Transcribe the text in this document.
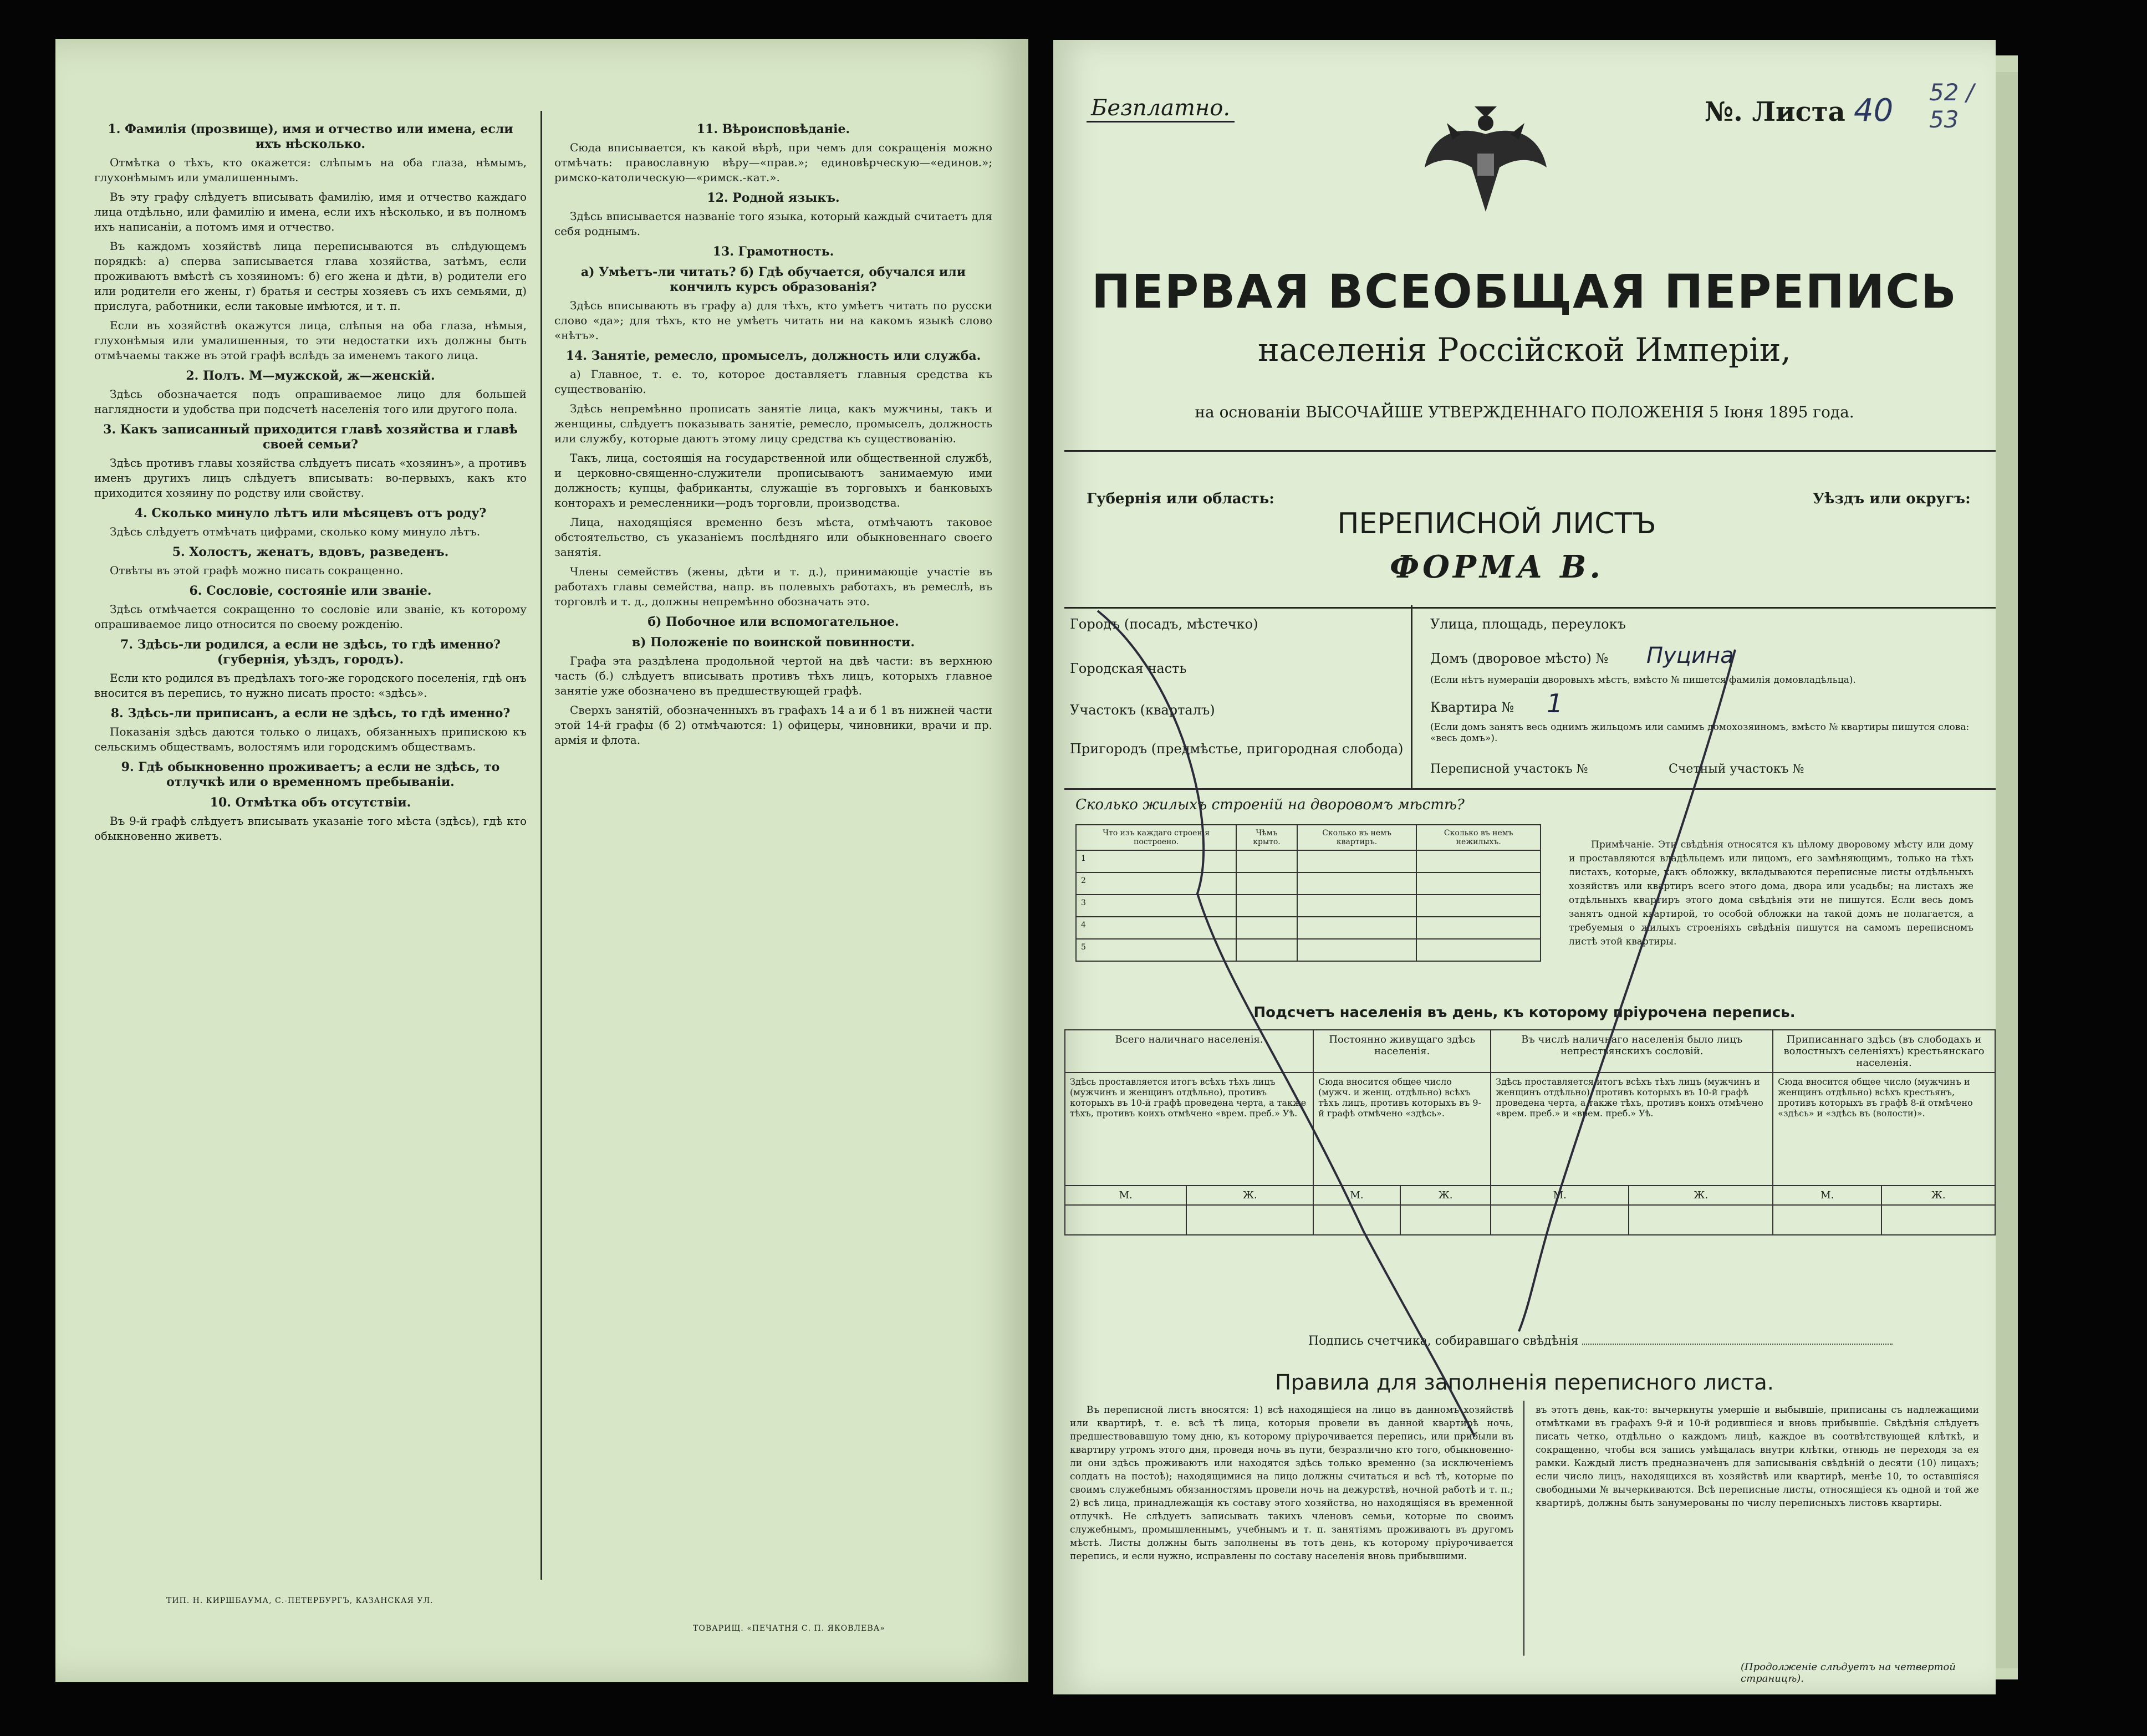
1. Фамилія (прозвище), имя и отчество или имена, если ихъ нѣсколько.

Отмѣтка о тѣхъ, кто окажется: слѣпымъ на оба глаза, нѣмымъ, глухонѣмымъ или умалишеннымъ.

Въ эту графу слѣдуетъ вписывать фамилію, имя и отчество каждаго лица отдѣльно, или фамилію и имена, если ихъ нѣсколько, и въ полномъ ихъ написаніи, а потомъ имя и отчество.

Въ каждомъ хозяйствѣ лица переписываются въ слѣдующемъ порядкѣ: а) сперва записывается глава хозяйства, затѣмъ, если проживаютъ вмѣстѣ съ хозяиномъ: б) его жена и дѣти, в) родители его или родители его жены, г) братья и сестры хозяевъ съ ихъ семьями, д) прислуга, работники, если таковые имѣются, и т. п.

Если въ хозяйствѣ окажутся лица, слѣпыя на оба глаза, нѣмыя, глухонѣмыя или умалишенныя, то эти недостатки ихъ должны быть отмѣчаемы также въ этой графѣ вслѣдъ за именемъ такого лица.

2. Полъ. М—мужской, ж—женскій.

Здѣсь обозначается подъ опрашиваемое лицо для большей наглядности и удобства при подсчетѣ населенія того или другого пола.

3. Какъ записанный приходится главѣ хозяйства и главѣ своей семьи?

Здѣсь противъ главы хозяйства слѣдуетъ писать «хозяинъ», а противъ именъ другихъ лицъ слѣдуетъ вписывать: во-первыхъ, какъ кто приходится хозяину по родству или свойству.

4. Сколько минуло лѣтъ или мѣсяцевъ отъ роду?

Здѣсь слѣдуетъ отмѣчать цифрами, сколько кому минуло лѣтъ.

5. Холостъ, женатъ, вдовъ, разведенъ.

Отвѣты въ этой графѣ можно писать сокращенно.

6. Сословіе, состояніе или званіе.

Здѣсь отмѣчается сокращенно то сословіе или званіе, къ которому опрашиваемое лицо относится по своему рожденію.

7. Здѣсь-ли родился, а если не здѣсь, то гдѣ именно? (губернія, уѣздъ, городъ).

Если кто родился въ предѣлахъ того-же городского поселенія, гдѣ онъ вносится въ перепись, то нужно писать просто: «здѣсь».

8. Здѣсь-ли приписанъ, а если не здѣсь, то гдѣ именно?

Показанія здѣсь даются только о лицахъ, обязанныхъ припискою къ сельскимъ обществамъ, волостямъ или городскимъ обществамъ.

9. Гдѣ обыкновенно проживаетъ; а если не здѣсь, то отлучкѣ или о временномъ пребываніи.
10. Отмѣтка объ отсутствіи.

Въ 9-й графѣ слѣдуетъ вписывать указаніе того мѣста (здѣсь), гдѣ кто обыкновенно живетъ.

11. Вѣроисповѣданіе.

Сюда вписывается, къ какой вѣрѣ, при чемъ для сокращенія можно отмѣчать: православную вѣру—«прав.»; единовѣрческую—«единов.»; римско-католическую—«римск.-кат.».

12. Родной языкъ.

Здѣсь вписывается названіе того языка, который каждый считаетъ для себя роднымъ.

13. Грамотность.
а) Умѣетъ-ли читать? б) Гдѣ обучается, обучался или кончилъ курсъ образованія?

Здѣсь вписывають въ графу а) для тѣхъ, кто умѣетъ читать по русски слово «да»; для тѣхъ, кто не умѣетъ читать ни на какомъ языкѣ слово «нѣтъ».

14. Занятіе, ремесло, промыселъ, должность или служба.

а) Главное, т. е. то, которое доставляетъ главныя средства къ существованію.

Здѣсь непремѣнно прописать занятіе лица, какъ мужчины, такъ и женщины, слѣдуетъ показывать занятіе, ремесло, промыселъ, должность или службу, которые даютъ этому лицу средства къ существованію.

Такъ, лица, состоящія на государственной или общественной службѣ, и церковно-священно-служители прописываютъ занимаемую ими должность; купцы, фабриканты, служащіе въ торговыхъ и банковыхъ конторахъ и ремесленники—родъ торговли, производства.

Лица, находящіяся временно безъ мѣста, отмѣчаютъ таковое обстоятельство, съ указаніемъ послѣдняго или обыкновеннаго своего занятія.

Члены семействъ (жены, дѣти и т. д.), принимающіе участіе въ работахъ главы семейства, напр. въ полевыхъ работахъ, въ ремеслѣ, въ торговлѣ и т. д., должны непремѣнно обозначать это.

б) Побочное или вспомогательное.
в) Положеніе по воинской повинности.

Графа эта раздѣлена продольной чертой на двѣ части: въ верхнюю часть (б.) слѣдуетъ вписывать противъ тѣхъ лицъ, которыхъ главное занятіе уже обозначено въ предшествующей графѣ.

Сверхъ занятій, обозначенныхъ въ графахъ 14 а и б 1 въ нижней части этой 14-й графы (б 2) отмѣчаются: 1) офицеры, чиновники, врачи и пр. армія и флота.

ТИП. Н. КИРШБАУМА, С.-ПЕТЕРБУРГЪ, КАЗАНСКАЯ УЛ.
ТОВАРИЩ. «ПЕЧАТНЯ С. П. ЯКОВЛЕВА»
Безплатно.	№. Листа 40
52 / 53
ПЕРВАЯ ВСЕОБЩАЯ ПЕРЕПИСЬ
населенія Россійской Имперіи,
на основаніи ВЫСОЧАЙШЕ УТВЕРЖДЕННАГО ПОЛОЖЕНІЯ 5 Іюня 1895 года.
Губернія или область:
ПЕРЕПИСНОЙ ЛИСТЪ
ФОРМА В.
Уѣздъ или округъ:
Городъ (посадъ, мѣстечко)
Городская часть
Участокъ (кварталъ)
Пригородъ (предмѣстье, пригородная слобода)
Улица, площадь, переулокъ
Домъ (дворовое мѣсто) № Пуцина
(Если нѣтъ нумераціи дворовыхъ мѣстъ, вмѣсто № пишется фамилія домовладѣльца).
Квартира № 1
(Если домъ занятъ весь однимъ жильцомъ или самимъ домохозяиномъ, вмѣсто № квартиры пишутся слова: «весь домъ»).
Переписной участокъ №	Счетный участокъ №
Сколько жилыхъ строеній на дворовомъ мѣстѣ?
Что изъ каждаго строенія построено.	Чѣмъ крыто.	Сколько въ немъ квартиръ.	Сколько въ немъ нежилыхъ.
1			
2			
3			
4			
5			
Примѣчаніе. Эти свѣдѣнія относятся къ цѣлому дворовому мѣсту или дому и проставляются владѣльцемъ или лицомъ, его замѣняющимъ, только на тѣхъ листахъ, которые, какъ обложку, вкладываются переписные листы отдѣльныхъ хозяйствъ или квартиръ всего этого дома, двора или усадьбы; на листахъ же отдѣльныхъ квартиръ этого дома свѣдѣнія эти не пишутся. Если весь домъ занятъ одной квартирой, то особой обложки на такой домъ не полагается, а требуемыя о жилыхъ строеніяхъ свѣдѣнія пишутся на самомъ переписномъ листѣ этой квартиры.
Подсчетъ населенія въ день, къ которому пріурочена перепись.
Всего наличнаго населенія.		Постоянно живущаго здѣсь населенія.		Въ числѣ наличнаго населенія было лицъ непрестьянскихъ сословій.		Приписаннаго здѣсь (въ слободахъ и волостныхъ селеніяхъ) крестьянскаго населенія.	
Здѣсь проставляется итогъ всѣхъ тѣхъ лицъ (мужчинъ и женщинъ отдѣльно), противъ которыхъ въ 10-й графѣ проведена черта, а также тѣхъ, противъ коихъ отмѣчено «врем. преб.» Уѣ.		Сюда вносится общее число (мужч. и женщ. отдѣльно) всѣхъ тѣхъ лицъ, противъ которыхъ въ 9-й графѣ отмѣчено «здѣсь».		Здѣсь проставляется итогъ всѣхъ тѣхъ лицъ (мужчинъ и женщинъ отдѣльно), противъ которыхъ въ 10-й графѣ проведена черта, а также тѣхъ, противъ коихъ отмѣчено «врем. преб.» и «врем. преб.» Уѣ.		Сюда вносится общее число (мужчинъ и женщинъ отдѣльно) всѣхъ крестьянъ, противъ которыхъ въ графѣ 8-й отмѣчено «здѣсь» и «здѣсь въ (волости)».	
М.	Ж.	М.	Ж.	М.	Ж.	М.	Ж.

Подпись счетчика, собиравшаго свѣдѣнія
Правила для заполненія переписного листа.
Въ переписной листъ вносятся: 1) всѣ находящіеся на лицо въ данномъ хозяйствѣ или квартирѣ, т. е. всѣ тѣ лица, которыя провели въ данной квартирѣ ночь, предшествовавшую тому дню, къ которому пріурочивается перепись, или прибыли въ квартиру утромъ этого дня, проведя ночь въ пути, безразлично кто того, обыкновенно-ли они здѣсь проживаютъ или находятся здѣсь только временно (за исключеніемъ солдатъ на постоѣ); находящимися на лицо должны считаться и всѣ тѣ, которые по своимъ служебнымъ обязанностямъ провели ночь на дежурствѣ, ночной работѣ и т. п.; 2) всѣ лица, принадлежащія къ составу этого хозяйства, но находящіяся въ временной отлучкѣ. Не слѣдуетъ записывать такихъ членовъ семьи, которые по своимъ служебнымъ, промышленнымъ, учебнымъ и т. п. занятіямъ проживаютъ въ другомъ мѣстѣ. Листы должны быть заполнены въ тотъ день, къ которому пріурочивается перепись, и если нужно, исправлены по составу населенія вновь прибывшими.
въ этотъ день, как-то: вычеркнуты умершіе и выбывшіе, приписаны съ надлежащими отмѣтками въ графахъ 9-й и 10-й родившіеся и вновь прибывшіе. Свѣдѣнія слѣдуетъ писать четко, отдѣльно о каждомъ лицѣ, каждое въ соотвѣтствующей клѣткѣ, и сокращенно, чтобы вся запись умѣщалась внутри клѣтки, отнюдь не переходя за ея рамки. Каждый листъ предназначенъ для записыванія свѣдѣній о десяти (10) лицахъ; если число лицъ, находящихся въ хозяйствѣ или квартирѣ, менѣе 10, то оставшіяся свободными № вычеркиваются. Всѣ переписные листы, относящіеся къ одной и той же квартирѣ, должны быть занумерованы по числу переписныхъ листовъ квартиры.
(Продолженіе слѣдуетъ на четвертой страницѣ).
